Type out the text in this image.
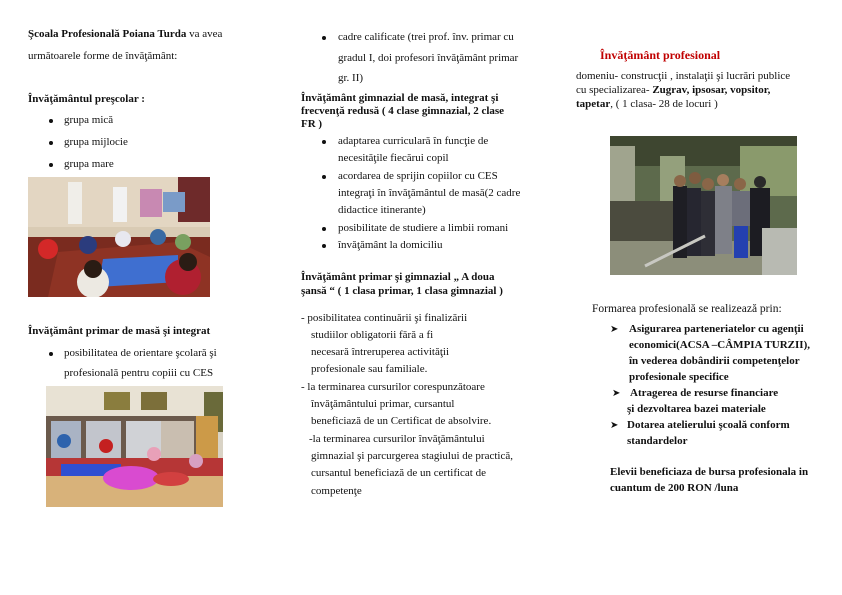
Şcoala Profesională Poiana Turda va avea
următoarele forme de învăţământ:
Învăţământul preşcolar :
grupa mică
grupa mijlocie
grupa mare
Învăţământ primar de masă şi integrat
posibilitatea de orientare şcolară şi
profesională pentru copiii cu CES
cadre calificate (trei prof. înv. primar cu
gradul I, doi profesori învăţământ primar
gr. II)
Învăţământ gimnazial de masă, integrat şi
frecvenţă redusă ( 4 clase gimnazial, 2 clase
FR )
adaptarea curriculară în funcţie de
necesităţile fiecărui copil
acordarea de sprijin copiilor cu CES
integraţi în învăţământul de masă(2 cadre
didactice itinerante)
posibilitate de studiere a limbii romani
învăţământ la domiciliu
Învăţământ primar şi gimnazial „ A doua
şansă “ ( 1 clasa primar, 1 clasa gimnazial )
- posibilitatea continuării şi finalizării
studiilor obligatorii fără a fi
necesară întreruperea activităţii
profesionale sau familiale.
- la terminarea cursurilor corespunzătoare
învăţământului primar, cursantul
beneficiază de un Certificat de absolvire.
-la terminarea cursurilor învăţământului
gimnazial şi parcurgerea stagiului de practică,
cursantul beneficiază de un certificat de
competenţe
Învăţământ profesional
domeniu- construcţii , instalaţii şi lucrări publice
cu specializarea- Zugrav, ipsosar, vopsitor,
tapetar, ( 1 clasa- 28 de locuri )
Formarea profesională se realizează prin:
➤ Asigurarea parteneriatelor cu agenţii
economici(ACSA –CÂMPIA TURZII),
în vederea dobândirii competenţelor
profesionale specifice
➤ Atragerea de resurse financiare
şi dezvoltarea bazei materiale
➤ Dotarea atelierului şcoală conform
standardelor
Elevii beneficiaza de bursa profesionala in
cuantum de 200 RON /luna
